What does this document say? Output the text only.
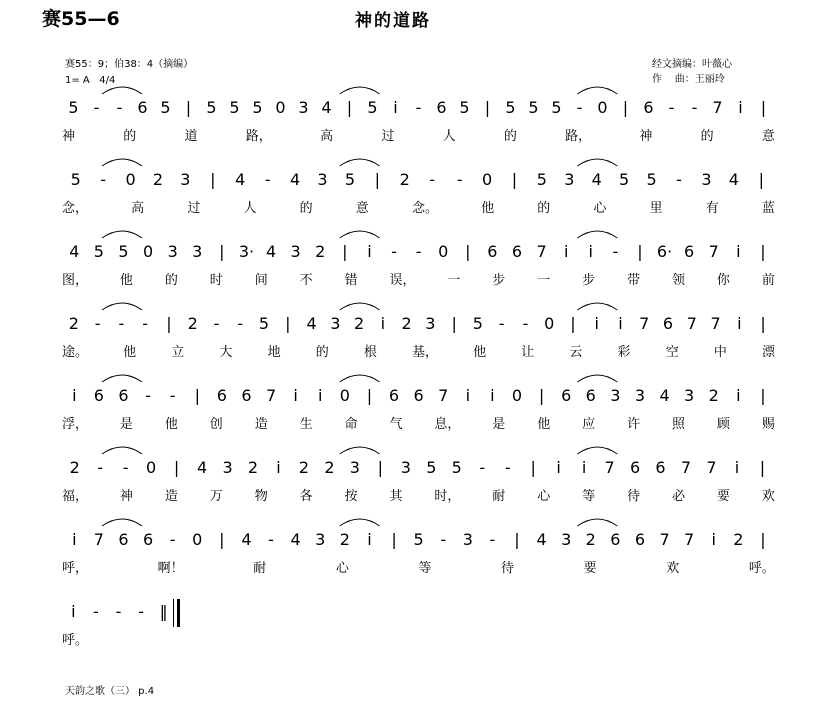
赛55—6	神的道路
赛55：9；伯38：4（摘编）
1= A   4/4
经文摘编：叶薇心
作    曲：王丽玲
5 -	- 6 5 | 5 5 5 0 3 4 | 5 i	- 6 5 | 5 5 5 - 0 | 6 -	- 7 i	|
神	的	道	路，	高	过	人	的	路，	神	的	意
5	-	0	2	3	|	4	-	4	3	5	|	2	-	-	0	|	5	3	4	5	5	-	3	4	|
念，	高	过	人	的	意	念。	他	的	心	里	有	蓝
4 5 5 0 3 3	| 3· 4 3 2	|	i	-	-	0	|	6 6 7	i	i	-	| 6· 6 7	i	|
图， 他 的 时 间 不 错 误， 一 步 一 步 带 领 你 前
2 -	-	-	| 2 -	- 5 | 4 3 2	i	2 3 | 5 -	- 0 |	i	i	7 6 7 7	i	|
途。	他	立	大	地	的	根	基，	他	让	云	彩	空	中	漂
i	6 6	-	-	|	6 6 7	i	i	0	|	6 6 7	i	i	0	|	6 6 3 3 4 3 2	i	|
浮， 是 他 创 造 生 命 气 息， 是 他 应 许 照 顾 赐
2	-	-	0	|	4 3 2	i	2 2 3	|	3 5 5	-	-	|	i	i	7 6 6 7 7	i	|
福， 神 造 万 物 各 按 其 时， 耐 心 等 待 必 要 欢
i	7 6 6	-	0	|	4	-	4 3 2	i	|	5	-	3	-	|	4 3 2 6 6 7 7	i	2	|
呼，	啊！	耐	心	等	待	要	欢	呼。
i	-	-	- ‖
呼。
天韵之歌（三） p.4
